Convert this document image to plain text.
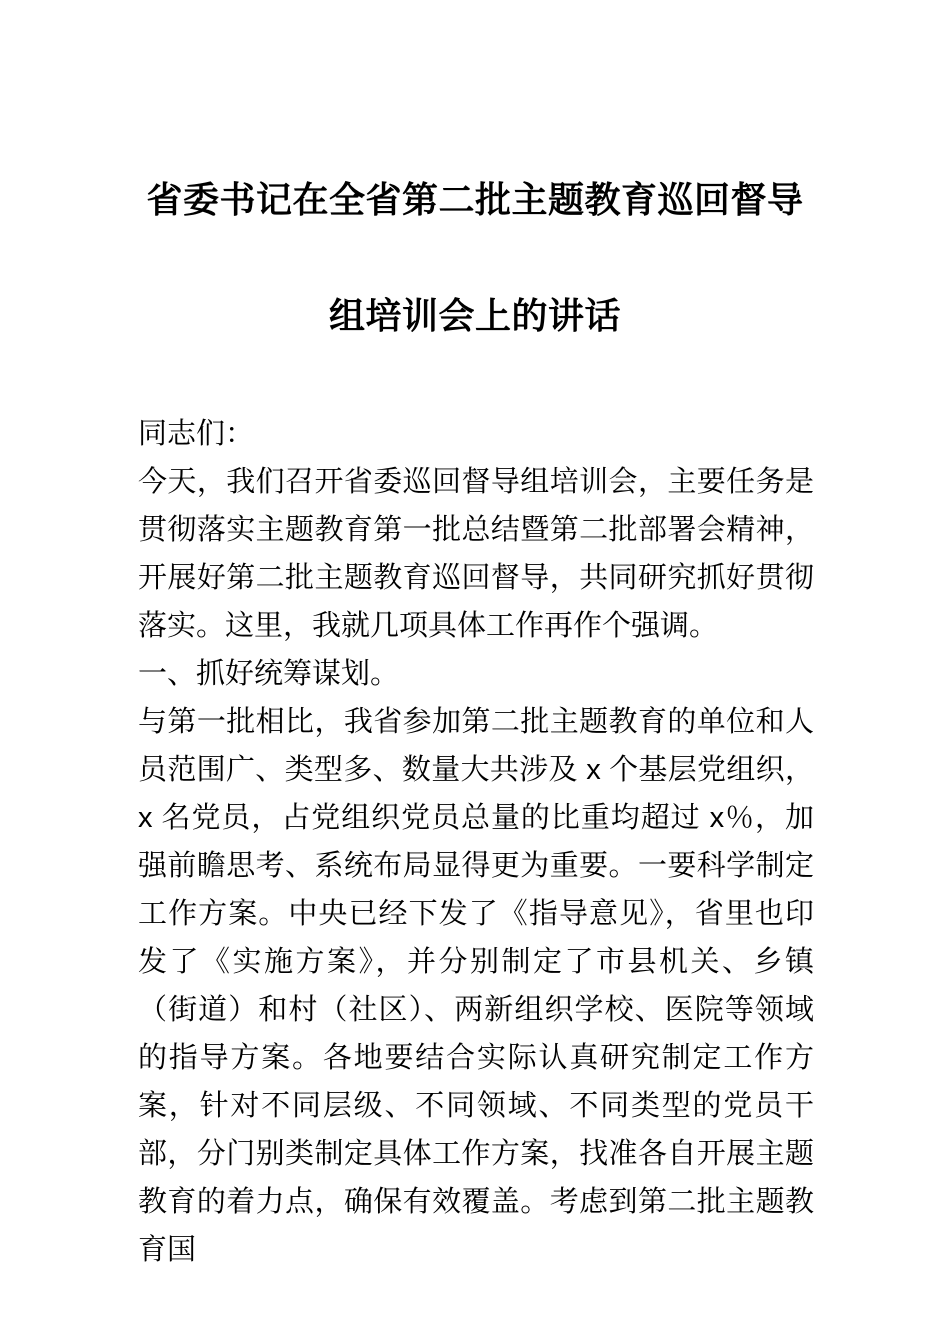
省委书记在全省第二批主题教育巡回督导
组培训会上的讲话

同志们：

今天，我们召开省委巡回督导组培训会，主要任务是贯彻落实主题教育第一批总结暨第二批部署会精神，开展好第二批主题教育巡回督导，共同研究抓好贯彻落实。这里，我就几项具体工作再作个强调。

一、抓好统筹谋划。

与第一批相比，我省参加第二批主题教育的单位和人员范围广、类型多、数量大共涉及 x 个基层党组织，x 名党员，占党组织党员总量的比重均超过 x％，加强前瞻思考、系统布局显得更为重要。一要科学制定工作方案。中央已经下发了《指导意见》，省里也印发了《实施方案》，并分别制定了市县机关、乡镇（街道）和村（社区）、两新组织学校、医院等领域的指导方案。各地要结合实际认真研究制定工作方案，针对不同层级、不同领域、不同类型的党员干部，分门别类制定具体工作方案，找准各自开展主题教育的着力点，确保有效覆盖。考虑到第二批主题教育国
